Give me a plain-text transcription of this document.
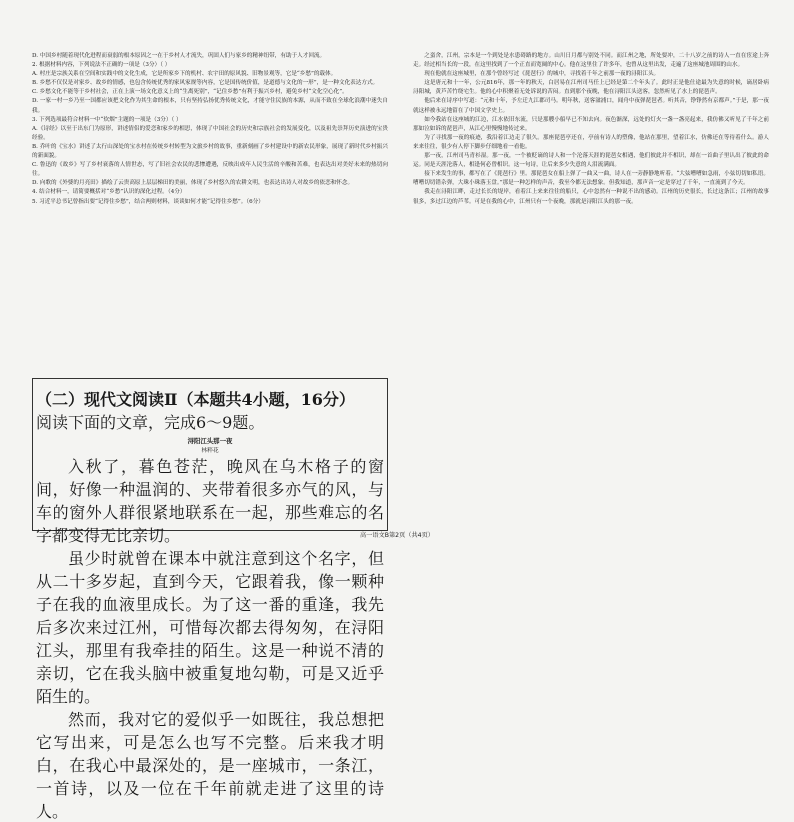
D. 中国乡村随着现代化进程而衰弱的根本原因之一在于乡村人才流失，巩固人们与家乡的精神纽带，有助于人才回流。

2. 根据材料内容，下列说法不正确的一项是（3分）（ ）

A. 村庄是宗族关系在空间和实践中的文化生成，它是所家乡下的机村、农宇田的原风貌、旧物景观等，它是“乡愁”的载体。

B. 乡愁不仅仅是对家乡、故乡的情感，也包含传统优秀的家风家规等内容，它是国传统价值，是道德与文化的一形”，是一种文化表达方式。

C. 乡愁文化不能等于乡村社会，正在上演一场文化意义上的“生离死别”，“记住乡愁”有利于振兴乡村，避免乡村“文化空心化”。

D. 一家一村一乡乃至一国都应该把文化作为其生命的根本，只有坚持弘扬优秀传统文化，才能守住民族的本源，从而不致在全球化浪潮中迷失自我。

3. 下列选项最符合材料一中“炊烟”主题的一项是（3分）（ ）

A.《诗经》以至于出东门为原形，讲述情侣的爱恋和家乡的相思，体现了中国社会的历史和宗族社会的发展变化，以及祖先崇拜历史演进的宝贵经验。

B. 乔叶的《宝水》讲述了太行山深处的宝水村在传统乡村转型为文旅乡村的故事，重新刻画了乡村建设中的新农民形象，展现了新时代乡村振兴的新面貌。

C. 鲁迅的《故乡》写了乡村衰落的人情世态，写了旧社会农民的悲惨遭遇，反映出成年人民生活的辛酸和苦难，也表达出对美好未来的热切向往。

D. 向歌的《外婆的月亮田》描绘了云贵高原上层层梯田的美丽，体现了乡村悠久的农耕文明，也表达出诗人对故乡的依恋和怀念。

4. 结合材料一，请简要概括对“乡愁”认识的深化过程。（4分）

5. 习近平总书记曾指出要“记得住乡愁”，结合两则材料，谈谈如何才能“记得住乡愁”。（6分）

（二）现代文阅读Ⅱ（本题共4小题，16分）

阅读下面的文章，完成6～9题。

浔阳江头那一夜

林粹花

入秋了，暮色苍茫，晚风在乌木格子的窗间，好像一种温润的、夹带着很多亦气的风，与车的窗外人群很紧地联系在一起，那些难忘的名字都变得无比亲切。

虽少时就曾在课本中就注意到这个名字，但从二十多岁起，直到今天，它跟着我，像一颗种子在我的血液里成长。为了这一番的重逢，我先后多次来过江州，可惜每次都去得匆匆，在浔阳江头，那里有我牵挂的陌生。这是一种说不清的亲切，它在我头脑中被重复地勾勒，可是又近乎陌生的。

然而，我对它的爱似乎一如既往，我总想把它写出来，可是怎么也写不完整。后来我才明白，在我心中最深处的，是一座城市，一条江，一首诗，以及一位在千年前就走进了这里的诗人。

之蛮舍，江州，宗本是一个到处是水患碍路的地方。山川日月都与别处不同。而江州之地，所处要冲，二十八岁之前的诗人一直在宦途上奔走。经过相当长的一段，在这里找到了一个正直而宽阔的中心。他在这里住了许多年，也曾从这里出发，走遍了这座城池周围的山水。

现在他就在这座城里，在那个曾经写过《琵琶行》的城中，寻找着千年之前那一夜的浔阳江头。

这是唐元和十一年，公元816年，那一年的秋天，白居易在江州司马任上已经是第二个年头了。此时正是他仕途最为失意的时候，谪居卧病浔阳城，黄芦苦竹绕宅生。他的心中积聚着无处诉说的苦闷。直到那个夜晚，他在浔阳江头送客，忽然听见了水上的琵琶声。

他后来在诗序中写道：“元和十年，予左迁九江郡司马。明年秋，送客湓浦口，闻舟中夜弹琵琶者。听其音，铮铮然有京都声。”于是，那一夜就这样被永远地留在了中国文学史上。

如今我站在这座城的江边，江水依旧东流，只是那艘小船早已不知去向。夜色渐深，远处的灯火一盏一盏亮起来，我仿佛又听见了千年之前那如泣如诉的琵琶声，从江心里慢慢地传过来。

为了寻找那一夜的痕迹，我沿着江边走了很久。那座琵琶亭还在，亭前有诗人的塑像，他站在那里，望着江水，仿佛还在等待着什么。游人来来往往，很少有人停下脚步仔细地看一看他。

那一夜，江州司马青衫湿。那一夜，一个被贬谪的诗人和一个沦落天涯的琵琶女相遇，他们彼此并不相识，却在一首曲子里认出了彼此的命运。同是天涯沦落人，相逢何必曾相识。这一句诗，让后来多少失意的人泪流满面。

接下来发生的事，都写在了《琵琶行》里。那琵琶女在船上弹了一曲又一曲，诗人在一旁静静地听着。“大弦嘈嘈如急雨，小弦切切如私语。嘈嘈切切错杂弹，大珠小珠落玉盘。”那是一种怎样的声音，我至今都无法想象。但我知道，那声音一定是穿过了千年，一直流到了今天。

我走在浔阳江畔，走过长长的堤岸，看着江上来来往往的船只，心中忽然有一种说不出的感动。江州的历史很长，长过这条江；江州的故事很多，多过江边的芦苇。可是在我的心中，江州只有一个夜晚，那就是浔阳江头的那一夜。

高一语文B第2页（共4页）
